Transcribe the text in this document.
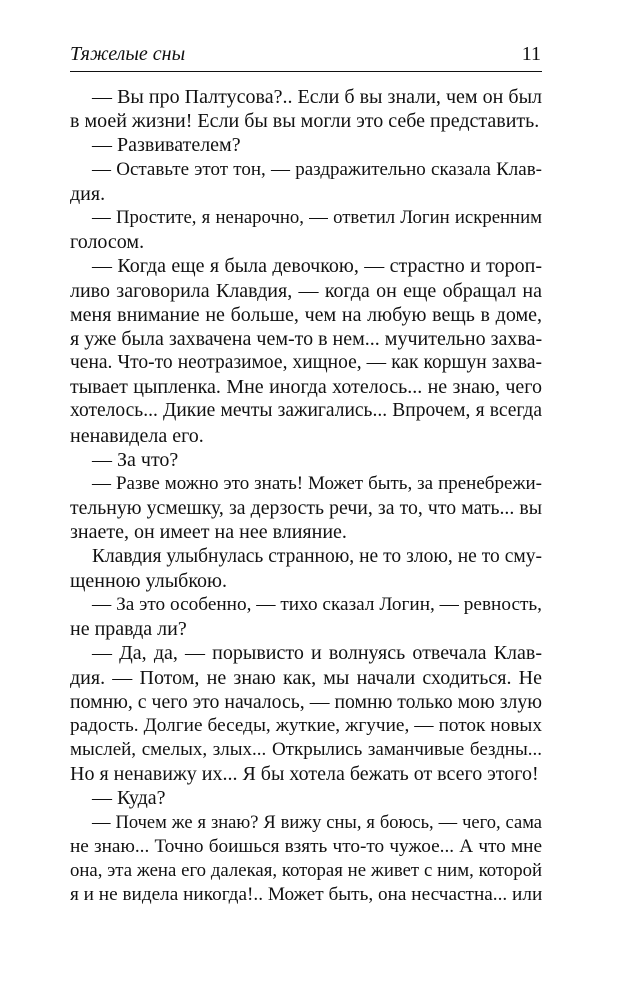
Тяжелые сны	11
— Вы про Палтусова?.. Если б вы знали, чем он был
в моей жизни! Если бы вы могли это себе представить.
— Развивателем?
— Оставьте этот тон, — раздражительно сказала Клав-
дия.
— Простите, я ненарочно, — ответил Логин искренним
голосом.
— Когда еще я была девочкою, — страстно и тороп-
ливо заговорила Клавдия, — когда он еще обращал на
меня внимание не больше, чем на любую вещь в доме,
я уже была захвачена чем-то в нем... мучительно захва-
чена. Что-то неотразимое, хищное, — как коршун захва-
тывает цыпленка. Мне иногда хотелось... не знаю, чего
хотелось... Дикие мечты зажигались... Впрочем, я всегда
ненавидела его.
— За что?
— Разве можно это знать! Может быть, за пренебрежи-
тельную усмешку, за дерзость речи, за то, что мать... вы
знаете, он имеет на нее влияние.
Клавдия улыбнулась странною, не то злою, не то сму-
щенною улыбкою.
— За это особенно, — тихо сказал Логин, — ревность,
не правда ли?
— Да, да, — порывисто и волнуясь отвечала Клав-
дия. — Потом, не знаю как, мы начали сходиться. Не
помню, с чего это началось, — помню только мою злую
радость. Долгие беседы, жуткие, жгучие, — поток новых
мыслей, смелых, злых... Открылись заманчивые бездны...
Но я ненавижу их... Я бы хотела бежать от всего этого!
— Куда?
— Почем же я знаю? Я вижу сны, я боюсь, — чего, сама
не знаю... Точно боишься взять что-то чужое... А что мне
она, эта жена его далекая, которая не живет с ним, которой
я и не видела никогда!.. Может быть, она несчастна... или
